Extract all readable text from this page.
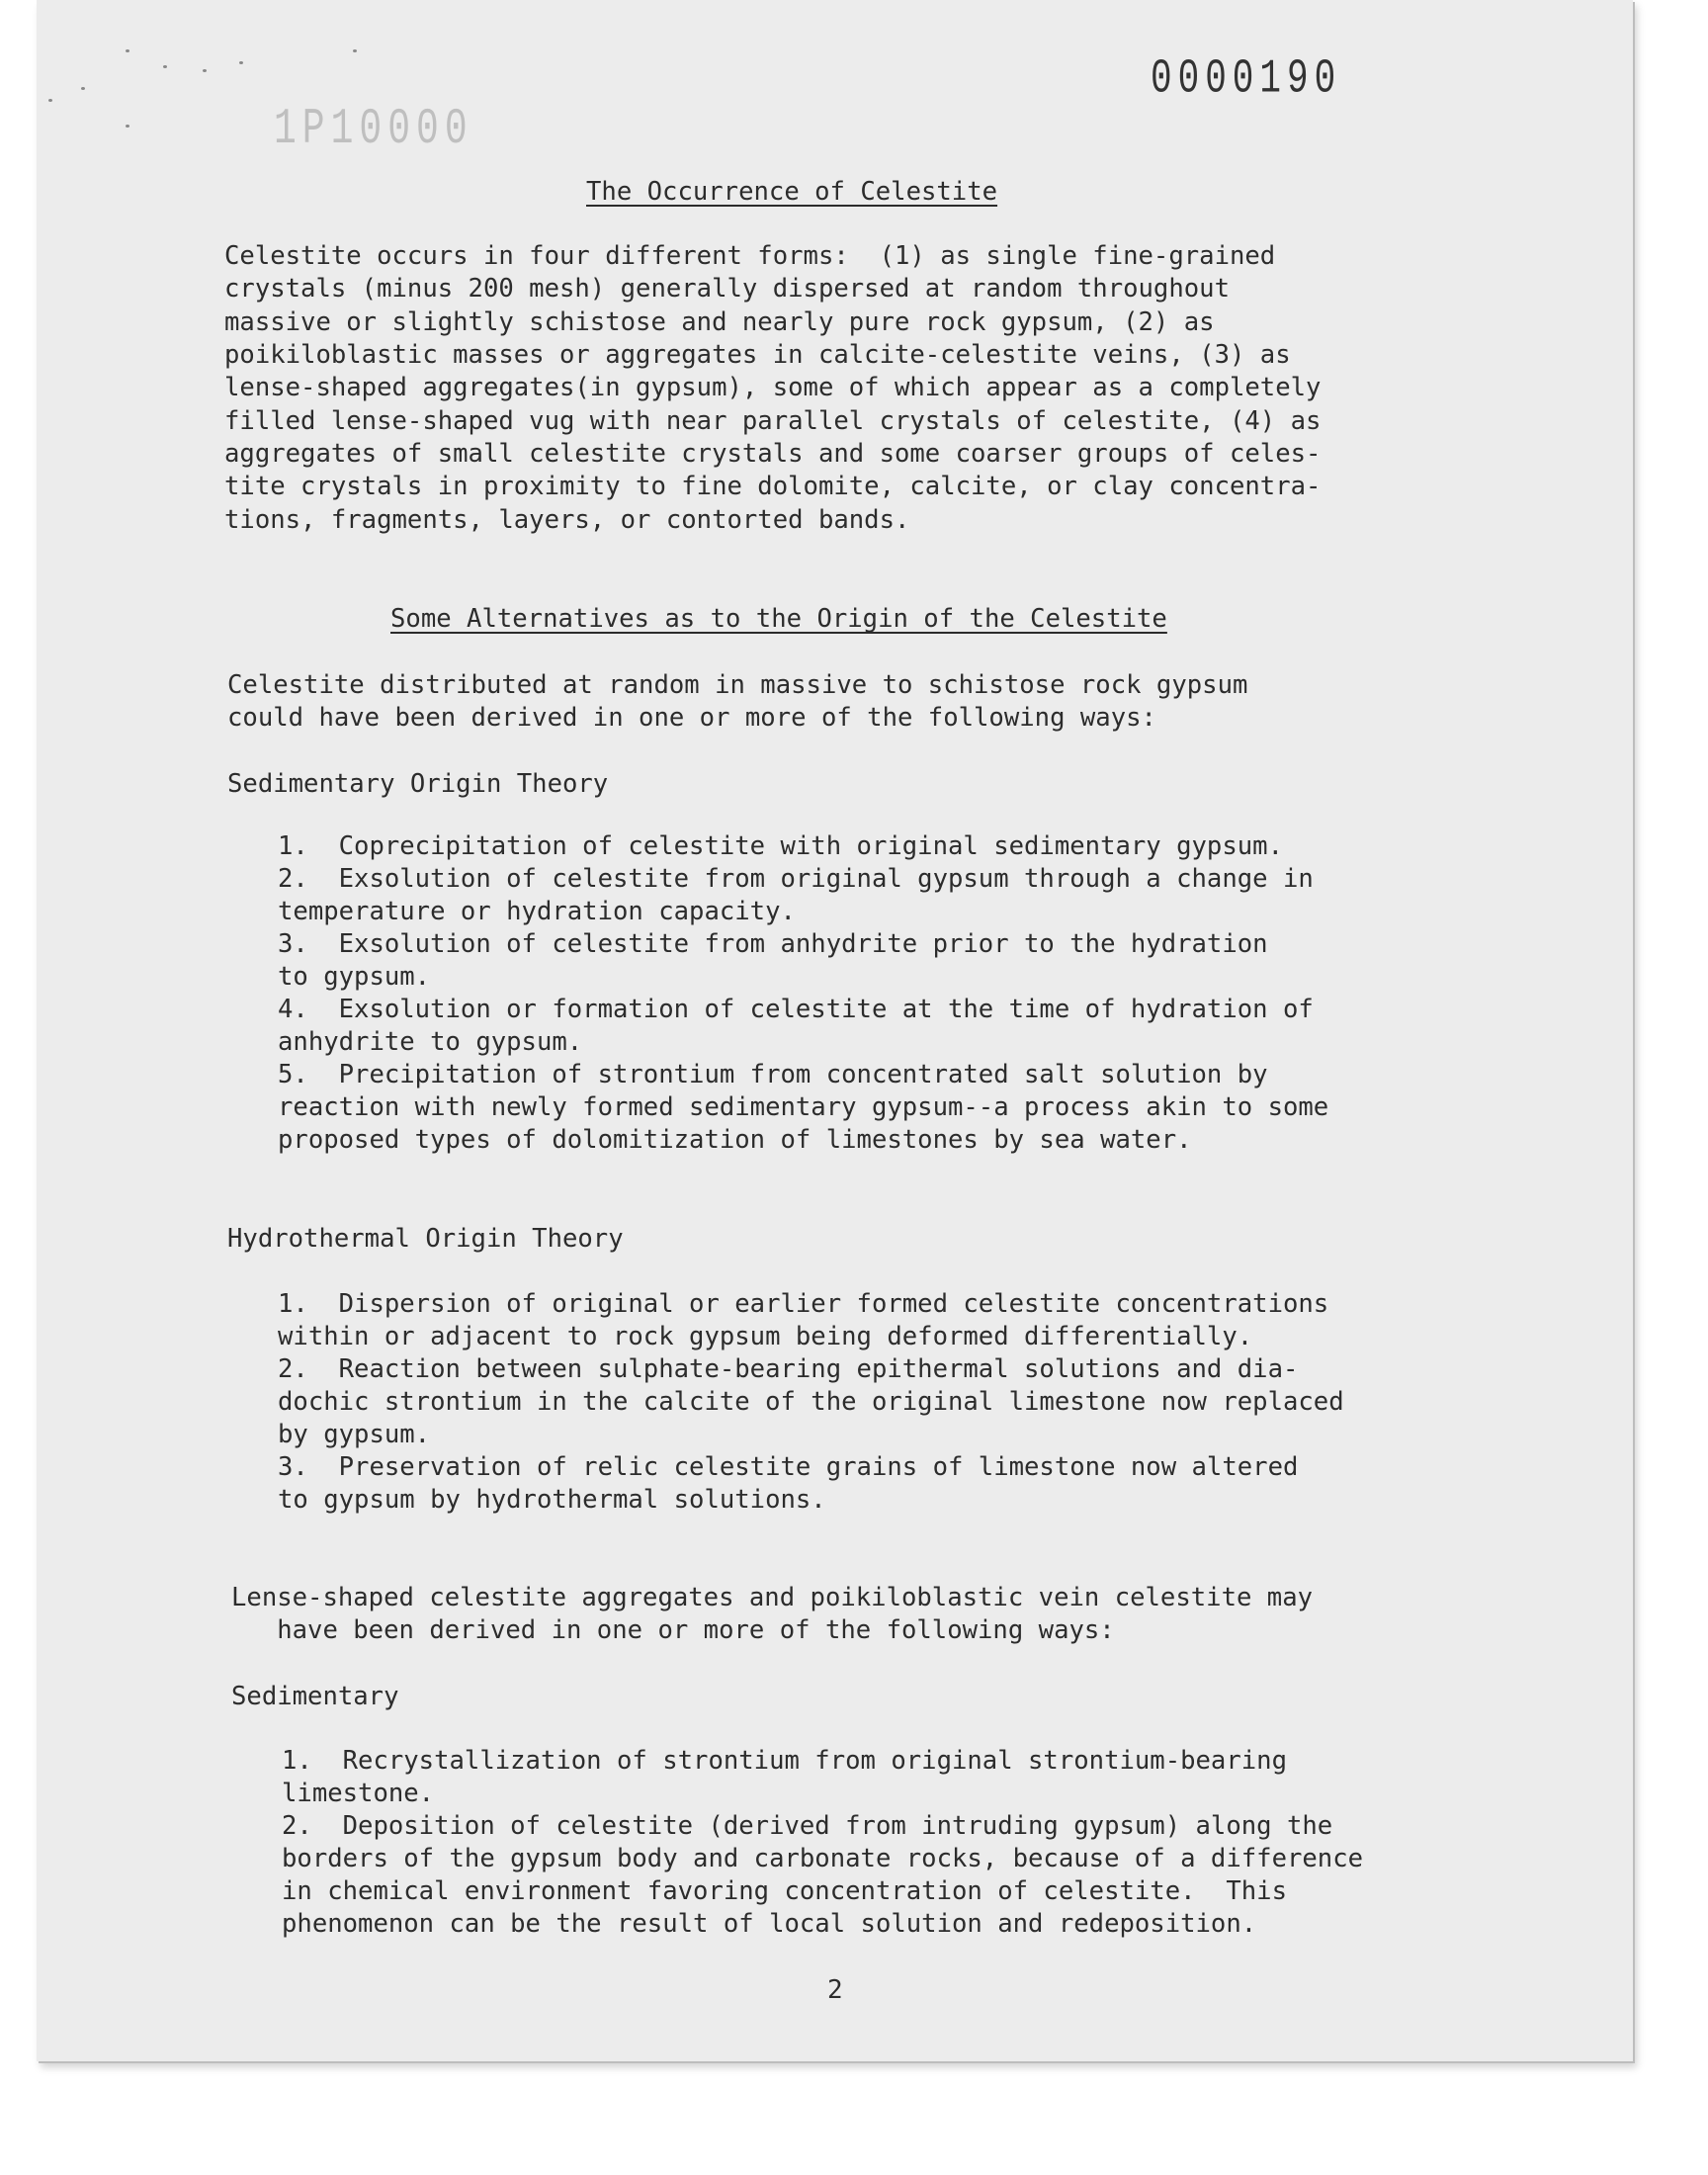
0000190
1P10000
The Occurrence of Celestite
Celestite occurs in four different forms:  (1) as single fine-grained
crystals (minus 200 mesh) generally dispersed at random throughout
massive or slightly schistose and nearly pure rock gypsum, (2) as
poikiloblastic masses or aggregates in calcite-celestite veins, (3) as
lense-shaped aggregates(in gypsum), some of which appear as a completely
filled lense-shaped vug with near parallel crystals of celestite, (4) as
aggregates of small celestite crystals and some coarser groups of celes-
tite crystals in proximity to fine dolomite, calcite, or clay concentra-
tions, fragments, layers, or contorted bands.
Some Alternatives as to the Origin of the Celestite
Celestite distributed at random in massive to schistose rock gypsum
could have been derived in one or more of the following ways:
Sedimentary Origin Theory
1.  Coprecipitation of celestite with original sedimentary gypsum.
2.  Exsolution of celestite from original gypsum through a change in
temperature or hydration capacity.
3.  Exsolution of celestite from anhydrite prior to the hydration
to gypsum.
4.  Exsolution or formation of celestite at the time of hydration of
anhydrite to gypsum.
5.  Precipitation of strontium from concentrated salt solution by
reaction with newly formed sedimentary gypsum--a process akin to some
proposed types of dolomitization of limestones by sea water.
Hydrothermal Origin Theory
1.  Dispersion of original or earlier formed celestite concentrations
within or adjacent to rock gypsum being deformed differentially.
2.  Reaction between sulphate-bearing epithermal solutions and dia-
dochic strontium in the calcite of the original limestone now replaced
by gypsum.
3.  Preservation of relic celestite grains of limestone now altered
to gypsum by hydrothermal solutions.
Lense-shaped celestite aggregates and poikiloblastic vein celestite may
have been derived in one or more of the following ways:
Sedimentary
1.  Recrystallization of strontium from original strontium-bearing
limestone.
2.  Deposition of celestite (derived from intruding gypsum) along the
borders of the gypsum body and carbonate rocks, because of a difference
in chemical environment favoring concentration of celestite.  This
phenomenon can be the result of local solution and redeposition.
2
